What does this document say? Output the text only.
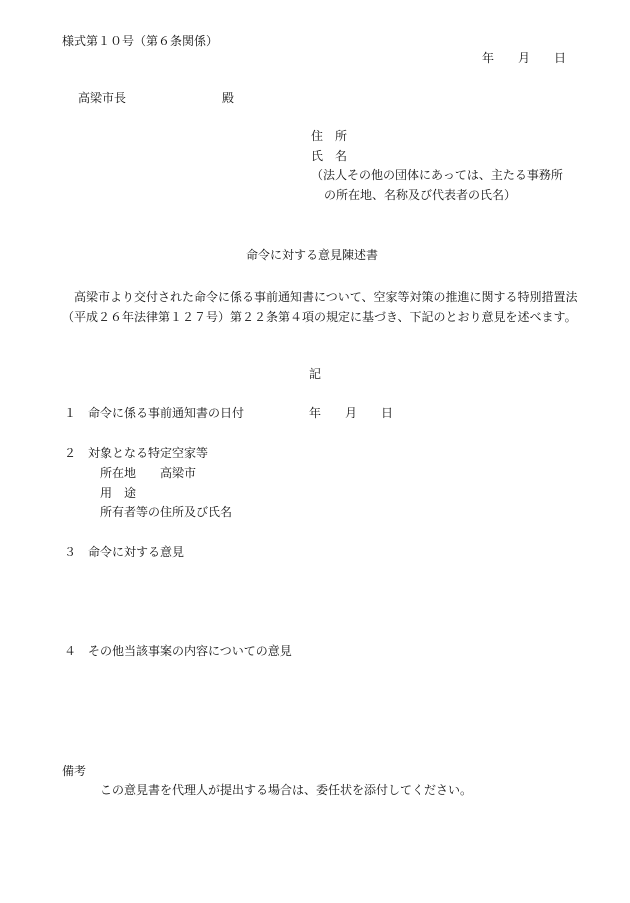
様式第１０号（第６条関係）
年　　月　　日
高梁市長	殿
住　所
氏　名
（法人その他の団体にあっては、主たる事務所
の所在地、名称及び代表者の氏名）
命令に対する意見陳述書
　高梁市より交付された命令に係る事前通知書について、空家等対策の推進に関する特別措置法（平成２６年法律第１２７号）第２２条第４項の規定に基づき、下記のとおり意見を述べます。
記
１ 命令に係る事前通知書の日付	年　　月　　日
２ 対象となる特定空家等
所在地 高梁市
用　途
所有者等の住所及び氏名
３ 命令に対する意見
４ その他当該事案の内容についての意見
備考
この意見書を代理人が提出する場合は、委任状を添付してください。
